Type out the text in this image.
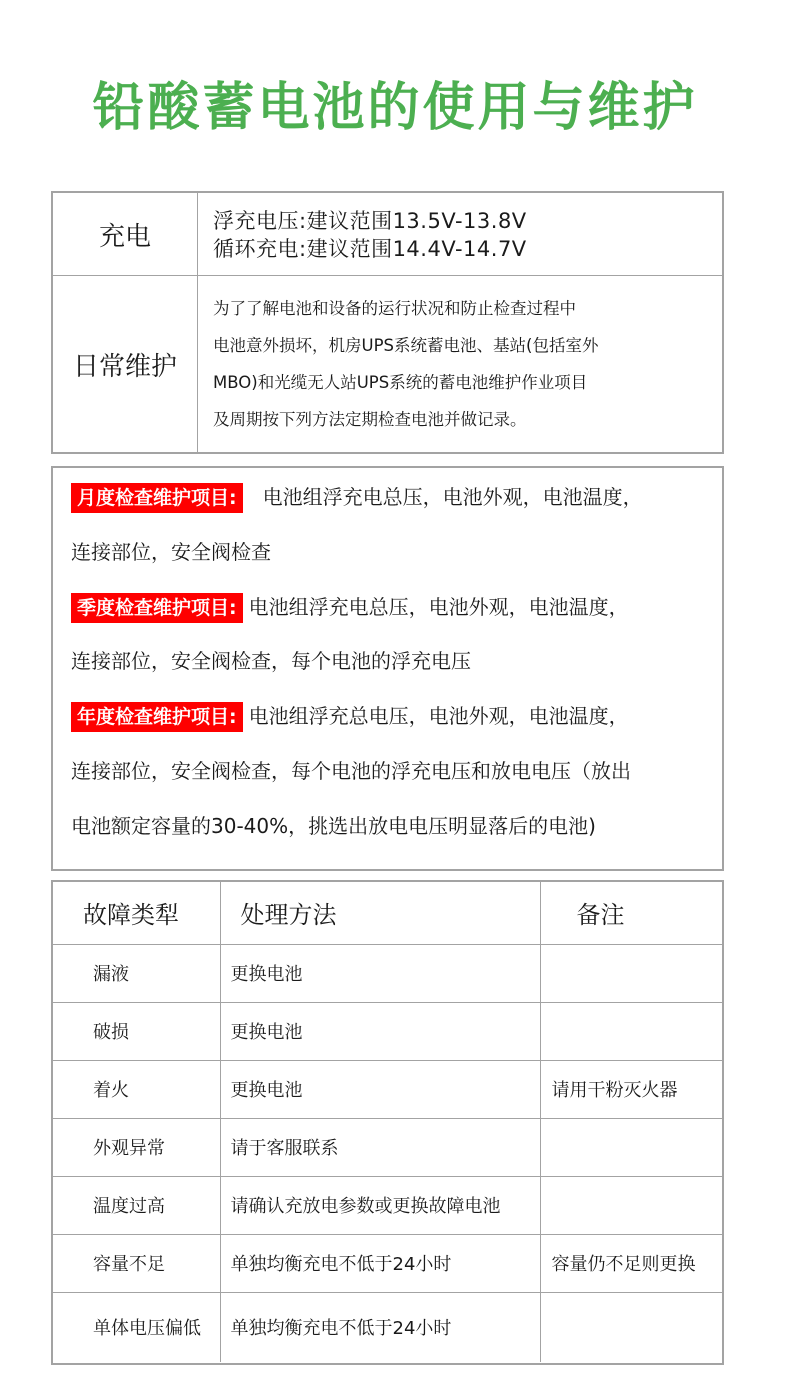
铅酸蓄电池的使用与维护
充电
浮充电压:建议范围13.5V-13.8V
循环充电:建议范围14.4V-14.7V
日常维护
为了了解电池和设备的运行状况和防止检查过程中
电池意外损坏，机房UPS系统蓄电池、基站(包括室外
MBO)和光缆无人站UPS系统的蓄电池维护作业项目
及周期按下列方法定期检查电池并做记录。
月度检查维护项目: 电池组浮充电总压，电池外观，电池温度，
连接部位，安全阀检查
季度检查维护项目: 电池组浮充电总压，电池外观，电池温度，
连接部位，安全阀检查，每个电池的浮充电压
年度检查维护项目: 电池组浮充总电压，电池外观，电池温度，
连接部位，安全阀检查，每个电池的浮充电压和放电电压（放出
电池额定容量的30-40%，挑选出放电电压明显落后的电池)
故障类犁	处理方法	备注
漏液	更换电池	
破损	更换电池	
着火	更换电池	请用干粉灭火器
外观异常	请于客服联系	
温度过高	请确认充放电参数或更换故障电池	
容量不足	单独均衡充电不低于24小时	容量仍不足则更换
单体电压偏低	单独均衡充电不低于24小时	
